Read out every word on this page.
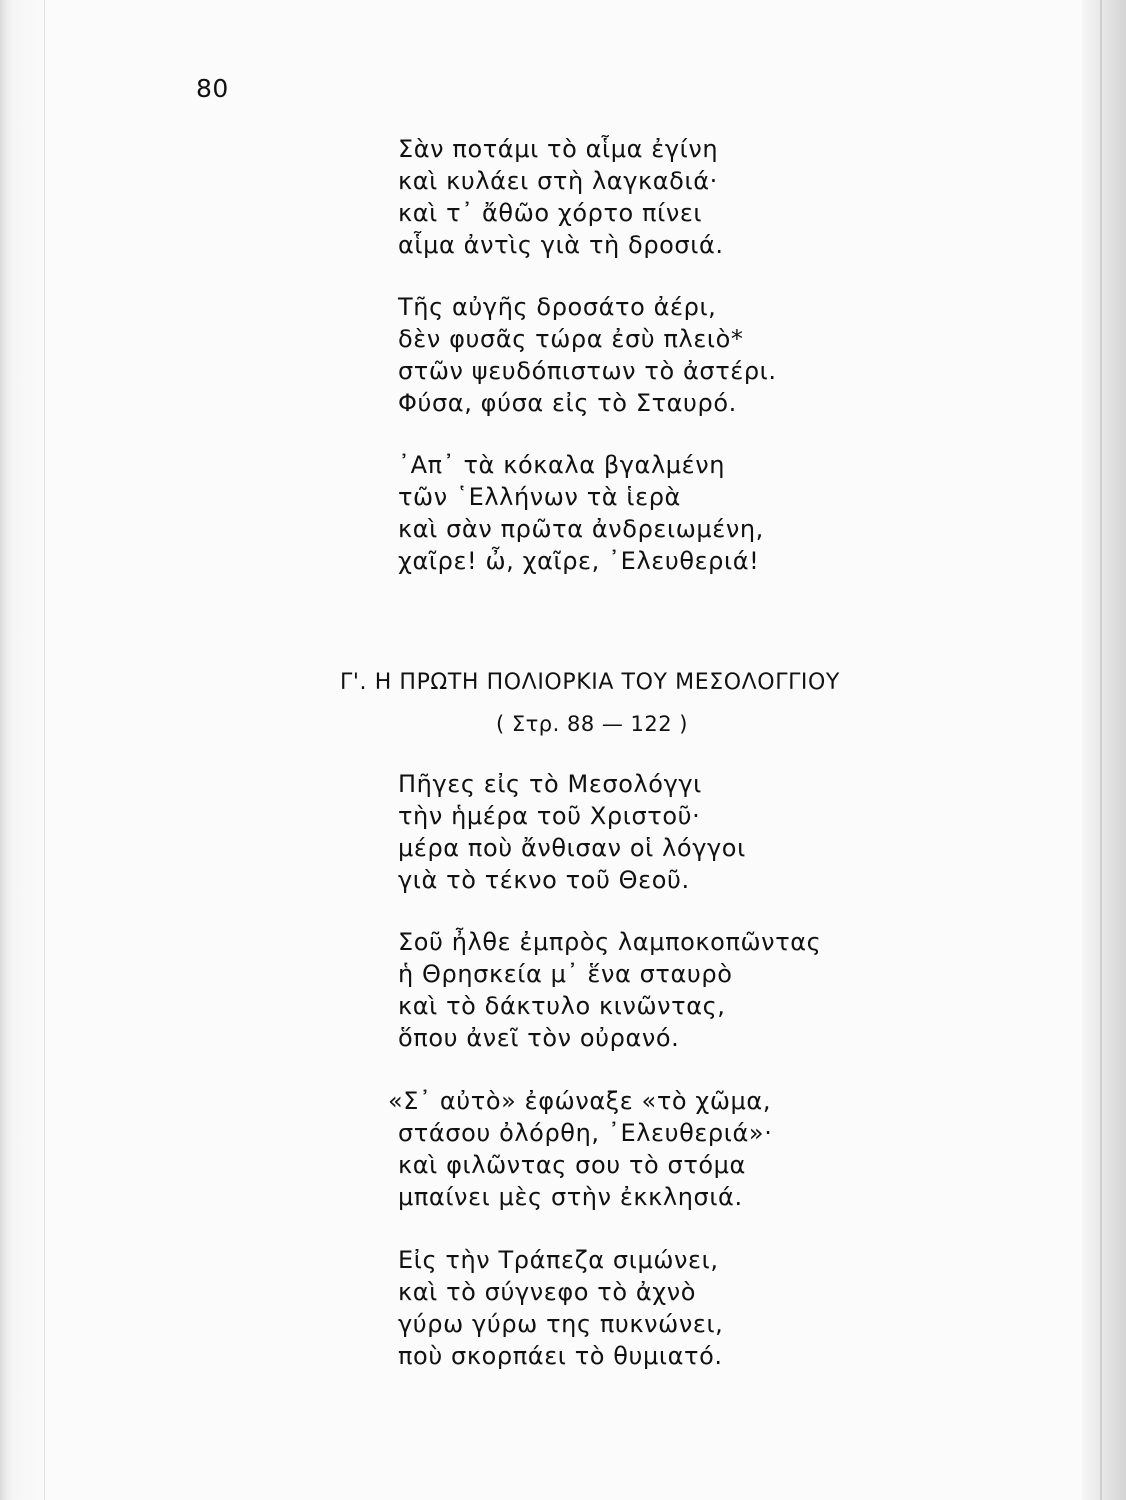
80
Σὰν ποτάμι τὸ αἷμα ἐγίνη
καὶ κυλάει στὴ λαγκαδιά·
καὶ τ᾿ ἄθῶο χόρτο πίνει
αἷμα ἀντὶς γιὰ τὴ δροσιά.
Τῆς αὐγῆς δροσάτο ἀέρι,
δὲν φυσᾶς τώρα ἐσὺ πλειὸ*
στῶν ψευδόπιστων τὸ ἀστέρι.
Φύσα, φύσα εἰς τὸ Σταυρό.
᾿Απ᾿ τὰ κόκαλα βγαλμένη
τῶν ῾Ελλήνων τὰ ἱερὰ
καὶ σὰν πρῶτα ἀνδρειωμένη,
χαῖρε! ὦ, χαῖρε, ᾿Ελευθεριά!
Γ'. Η ΠΡΩΤΗ ΠΟΛΙΟΡΚΙΑ ΤΟΥ ΜΕΣΟΛΟΓΓΙΟΥ
( Στρ. 88 — 122 )
Πῆγες εἰς τὸ Μεσολόγγι
τὴν ἡμέρα τοῦ Χριστοῦ·
μέρα ποὺ ἄνθισαν οἱ λόγγοι
γιὰ τὸ τέκνο τοῦ Θεοῦ.
Σοῦ ἦλθε ἐμπρὸς λαμποκοπῶντας
ἡ Θρησκεία μ᾿ ἕνα σταυρὸ
καὶ τὸ δάκτυλο κινῶντας,
ὅπου ἀνεῖ τὸν οὐρανό.
«Σ᾿ αὐτὸ» ἐφώναξε «τὸ χῶμα,
στάσου ὀλόρθη, ᾿Ελευθεριά»·
καὶ φιλῶντας σου τὸ στόμα
μπαίνει μὲς στὴν ἐκκλησιά.
Εἰς τὴν Τράπεζα σιμώνει,
καὶ τὸ σύγνεφο τὸ ἀχνὸ
γύρω γύρω της πυκνώνει,
ποὺ σκορπάει τὸ θυμιατό.
